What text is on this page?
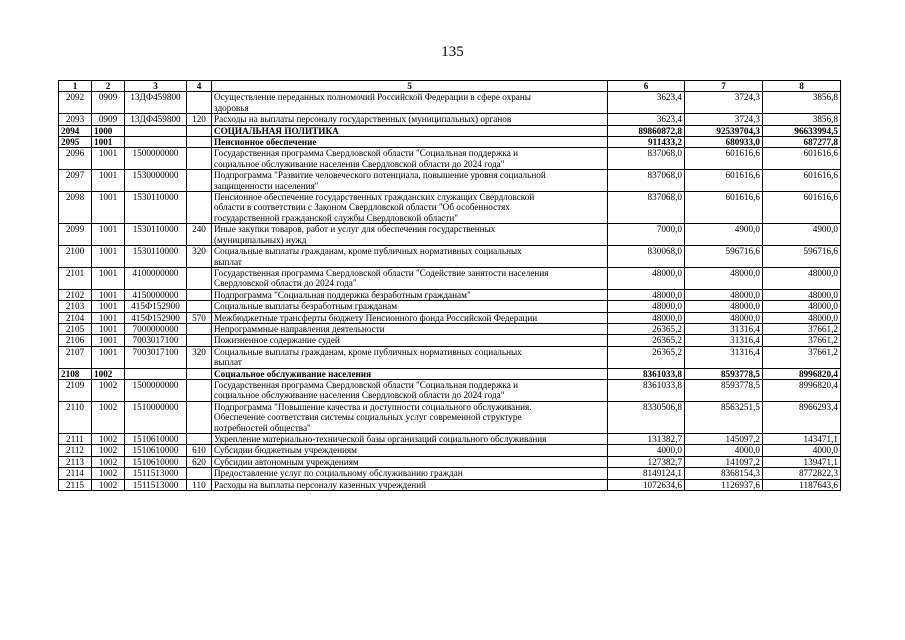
135
1	2	3	4	5	6	7	8
2092	0909	13ДФ459800		Осуществление переданных полномочий Российской Федерации в сфере охраны
здоровья	3623,4	3724,3	3856,8
2093	0909	13ДФ459800	120	Расходы на выплаты персоналу государственных (муниципальных) органов	3623,4	3724,3	3856,8
2094	1000			СОЦИАЛЬНАЯ ПОЛИТИКА	89860872,8	92539704,3	96633994,5
2095	1001			Пенсионное обеспечение	911433,2	680933,0	687277,8
2096	1001	1500000000		Государственная программа Свердловской области "Социальная поддержка и
социальное обслуживание населения Свердловской области до 2024 года"	837068,0	601616,6	601616,6
2097	1001	1530000000		Подпрограмма "Развитие человеческого потенциала, повышение уровня социальной
защищенности населения"	837068,0	601616,6	601616,6
2098	1001	1530110000		Пенсионное обеспечение государственных гражданских служащих Свердловской
области в соответствии с Законом Свердловской области "Об особенностях
государственной гражданской службы Свердловской области"	837068,0	601616,6	601616,6
2099	1001	1530110000	240	Иные закупки товаров, работ и услуг для обеспечения государственных
(муниципальных) нужд	7000,0	4900,0	4900,0
2100	1001	1530110000	320	Социальные выплаты гражданам, кроме публичных нормативных социальных
выплат	830068,0	596716,6	596716,6
2101	1001	4100000000		Государственная программа Свердловской области "Содействие занятости населения
Свердловской области до 2024 года"	48000,0	48000,0	48000,0
2102	1001	4150000000		Подпрограмма "Социальная поддержка безработным гражданам"	48000,0	48000,0	48000,0
2103	1001	415Ф152900		Социальные выплаты безработным гражданам	48000,0	48000,0	48000,0
2104	1001	415Ф152900	570	Межбюджетные трансферты бюджету Пенсионного фонда Российской Федерации	48000,0	48000,0	48000,0
2105	1001	7000000000		Непрограммные направления деятельности	26365,2	31316,4	37661,2
2106	1001	7003017100		Пожизненное содержание судей	26365,2	31316,4	37661,2
2107	1001	7003017100	320	Социальные выплаты гражданам, кроме публичных нормативных социальных
выплат	26365,2	31316,4	37661,2
2108	1002			Социальное обслуживание населения	8361033,8	8593778,5	8996820,4
2109	1002	1500000000		Государственная программа Свердловской области "Социальная поддержка и
социальное обслуживание населения Свердловской области до 2024 года"	8361033,8	8593778,5	8996820,4
2110	1002	1510000000		Подпрограмма "Повышение качества и доступности социального обслуживания.
Обеспечение соответствия системы социальных услуг современной структуре
потребностей общества"	8330506,8	8563251,5	8966293,4
2111	1002	1510610000		Укрепление материально-технической базы организаций социального обслуживания	131382,7	145097,2	143471,1
2112	1002	1510610000	610	Субсидии бюджетным учреждениям	4000,0	4000,0	4000,0
2113	1002	1510610000	620	Субсидии автономным учреждениям	127382,7	141097,2	139471,1
2114	1002	1511513000		Предоставление услуг по социальному обслуживанию граждан	8149124,1	8368154,3	8772822,3
2115	1002	1511513000	110	Расходы на выплаты персоналу казенных учреждений	1072634,6	1126937,6	1187643,6
